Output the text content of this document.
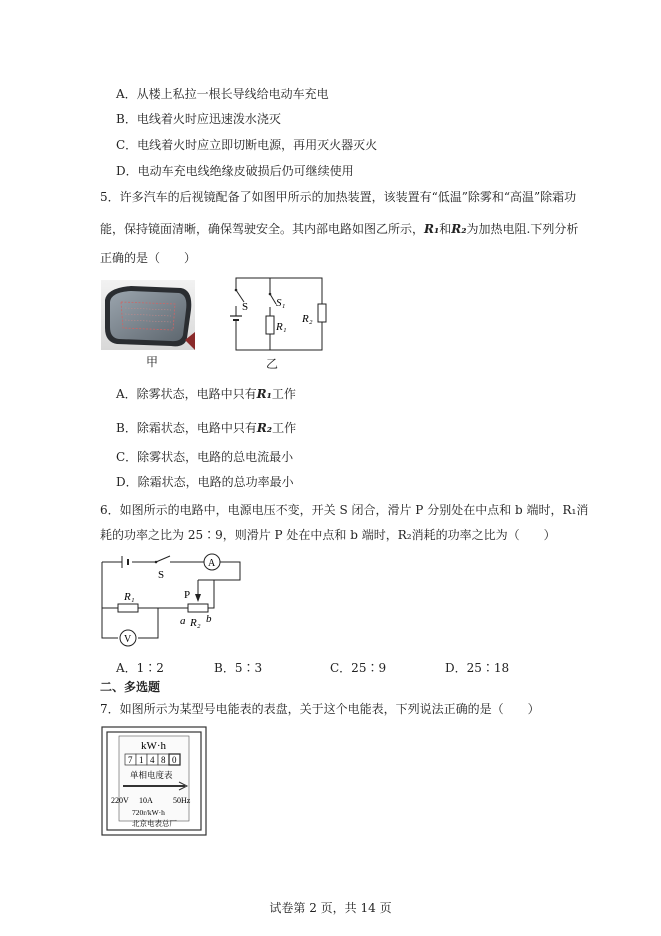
A．从楼上私拉一根长导线给电动车充电
B．电线着火时应迅速泼水浇灭
C．电线着火时应立即切断电源，再用灭火器灭火
D．电动车充电线绝缘皮破损后仍可继续使用
5．许多汽车的后视镜配备了如图甲所示的加热装置，该装置有“低温”除雾和“高温”除霜功
能，保持镜面清晰，确保驾驶安全。其内部电路如图乙所示，R₁和R₂为加热电阻.下列分析
正确的是（　　）
甲
S	S₁
R₁
R₂
乙
A．除雾状态，电路中只有R₁工作
B．除霜状态，电路中只有R₂工作
C．除雾状态，电路的总电流最小
D．除霜状态，电路的总功率最小
6．如图所示的电路中，电源电压不变，开关 S 闭合，滑片 P 分别处在中点和 b 端时，R₁消
耗的功率之比为 25∶9，则滑片 P 处在中点和 b 端时，R₂消耗的功率之比为（　　）
A
V
S
R₁	P
a R₂ b
A．1∶2	B．5∶3	C．25∶9	D．25∶18
二、多选题
7．如图所示为某型号电能表的表盘，关于这个电能表，下列说法正确的是（　　）
kW·h
7 1 4 8 0
单相电度表
220V 10A	50Hz
720r/kW·h
北京电表总厂
试卷第 2 页，共 14 页
